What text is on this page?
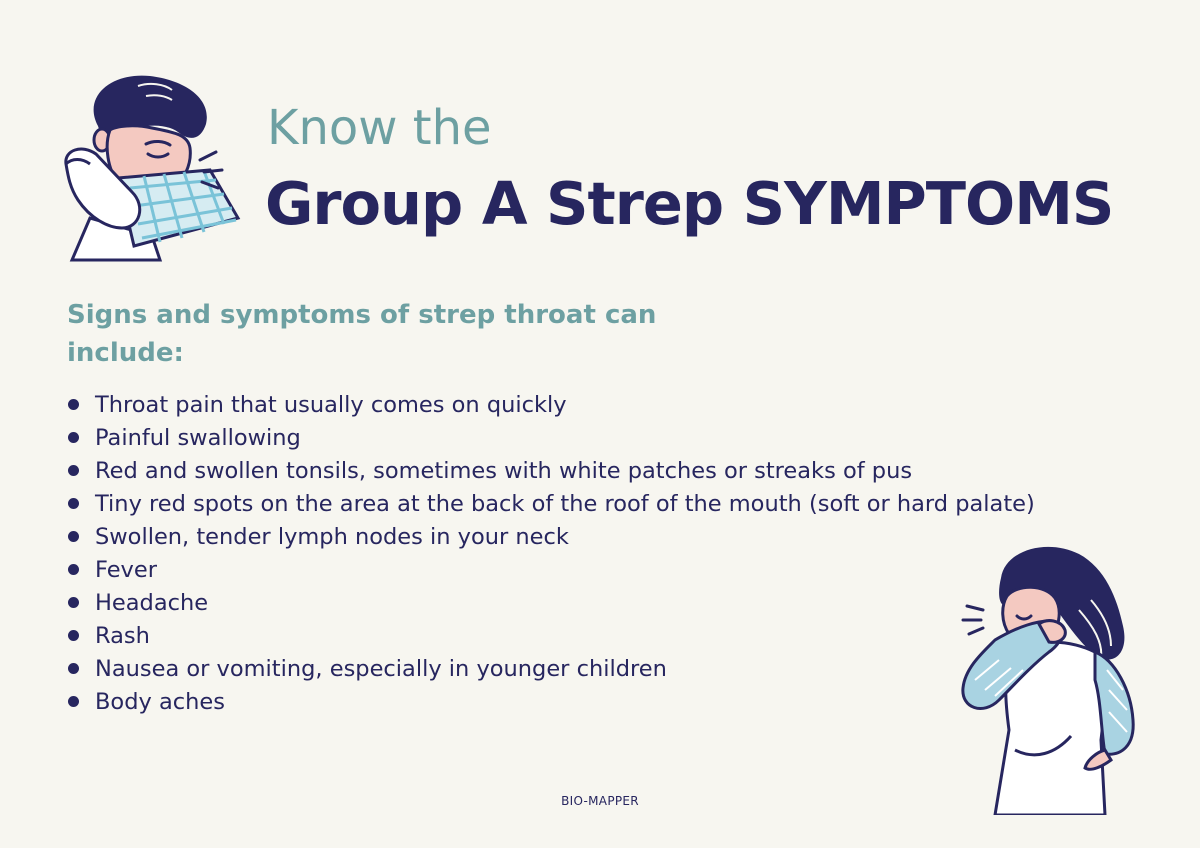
Know the
Group A Strep SYMPTOMS

Signs and symptoms of strep throat can include:

Throat pain that usually comes on quickly
Painful swallowing
Red and swollen tonsils, sometimes with white patches or streaks of pus
Tiny red spots on the area at the back of the roof of the mouth (soft or hard palate)
Swollen, tender lymph nodes in your neck
Fever
Headache
Rash
Nausea or vomiting, especially in younger children
Body aches

BIO-MAPPER
